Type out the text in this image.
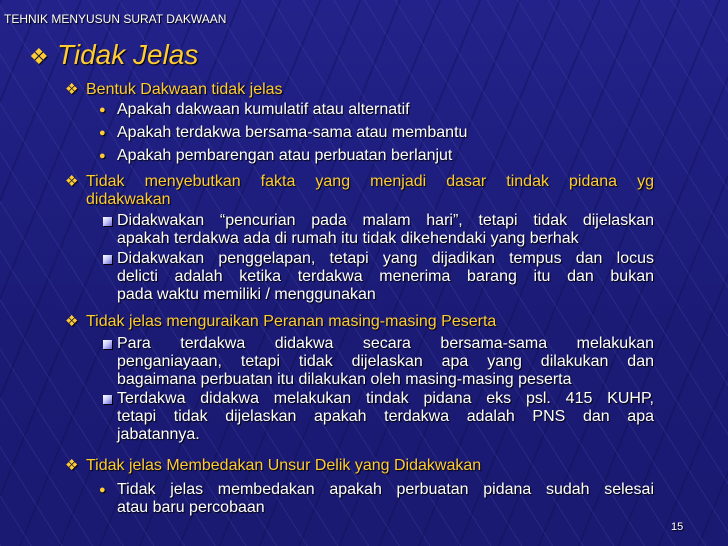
TEHNIK MENYUSUN SURAT DAKWAAN
❖ Tidak Jelas
❖ Bentuk Dakwaan tidak jelas
● Apakah dakwaan kumulatif atau alternatif
● Apakah terdakwa bersama-sama atau membantu
● Apakah pembarengan atau perbuatan berlanjut
❖ Tidak menyebutkan fakta yang menjadi dasar tindak pidana yg
didakwakan
Didakwakan “pencurian pada malam hari”, tetapi tidak dijelaskan
apakah terdakwa ada di rumah itu tidak dikehendaki yang berhak
Didakwakan penggelapan, tetapi yang dijadikan tempus dan locus
delicti adalah ketika terdakwa menerima barang itu dan bukan
pada waktu memiliki / menggunakan
❖ Tidak jelas menguraikan Peranan masing-masing Peserta
Para terdakwa didakwa secara bersama-sama melakukan
penganiayaan, tetapi tidak dijelaskan apa yang dilakukan dan
bagaimana perbuatan itu dilakukan oleh masing-masing peserta
Terdakwa didakwa melakukan tindak pidana eks psl. 415 KUHP,
tetapi tidak dijelaskan apakah terdakwa adalah PNS dan apa
jabatannya.
❖ Tidak jelas Membedakan Unsur Delik yang Didakwakan
● Tidak jelas membedakan apakah perbuatan pidana sudah selesai
atau baru percobaan
15
